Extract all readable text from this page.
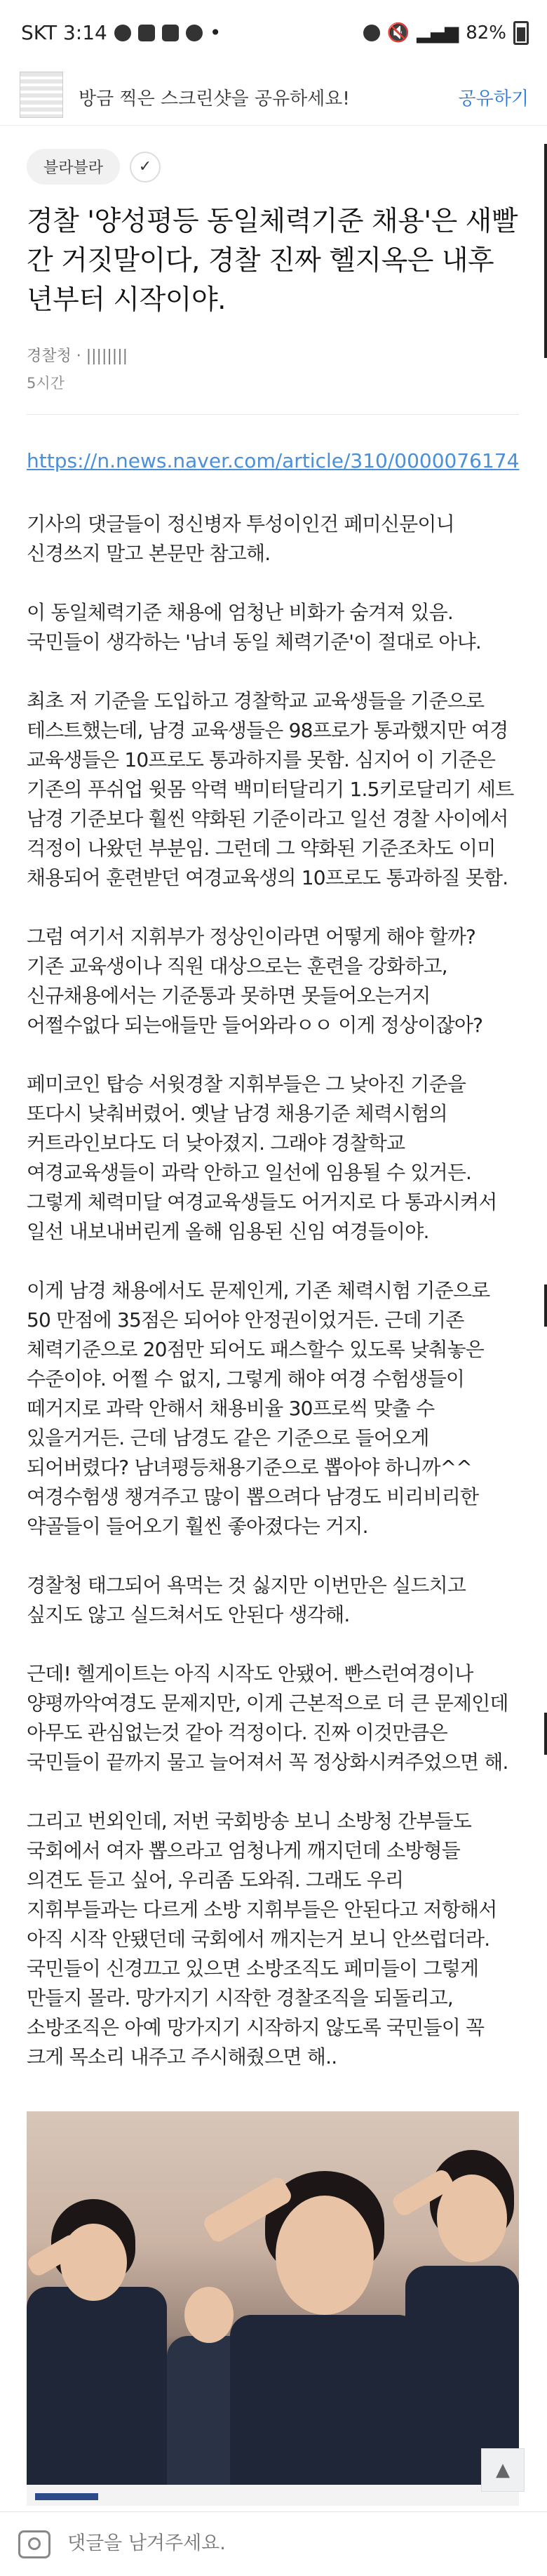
SKT 3:14	•	🔇 ▂▄▆ 82%
방금 찍은 스크린샷을 공유하세요!	공유하기
블라블라	✓
경찰 '양성평등 동일체력기준 채용'은 새빨간 거짓말이다, 경찰 진짜 헬지옥은 내후년부터 시작이야.
경찰청 · ||||||||
5시간
https://n.news.naver.com/article/310/0000076174

기사의 댓글들이 정신병자 투성이인건 페미신문이니
신경쓰지 말고 본문만 참고해.

이 동일체력기준 채용에 엄청난 비화가 숨겨져 있음.
국민들이 생각하는 '남녀 동일 체력기준'이 절대로 아냐.

최초 저 기준을 도입하고 경찰학교 교육생들을 기준으로
테스트했는데, 남경 교육생들은 98프로가 통과했지만 여경
교육생들은 10프로도 통과하지를 못함. 심지어 이 기준은
기존의 푸쉬업 윗몸 악력 백미터달리기 1.5키로달리기 세트
남경 기준보다 훨씬 약화된 기준이라고 일선 경찰 사이에서
걱정이 나왔던 부분임. 그런데 그 약화된 기준조차도 이미
채용되어 훈련받던 여경교육생의 10프로도 통과하질 못함.

그럼 여기서 지휘부가 정상인이라면 어떻게 해야 할까?
기존 교육생이나 직원 대상으로는 훈련을 강화하고,
신규채용에서는 기준통과 못하면 못들어오는거지
어쩔수없다 되는애들만 들어와라ㅇㅇ 이게 정상이잖아?

페미코인 탑승 서윗경찰 지휘부들은 그 낮아진 기준을
또다시 낮춰버렸어. 옛날 남경 채용기준 체력시험의
커트라인보다도 더 낮아졌지. 그래야 경찰학교
여경교육생들이 과락 안하고 일선에 임용될 수 있거든.
그렇게 체력미달 여경교육생들도 어거지로 다 통과시켜서
일선 내보내버린게 올해 임용된 신임 여경들이야.

이게 남경 채용에서도 문제인게, 기존 체력시험 기준으로
50 만점에 35점은 되어야 안정권이었거든. 근데 기존
체력기준으로 20점만 되어도 패스할수 있도록 낮춰놓은
수준이야. 어쩔 수 없지, 그렇게 해야 여경 수험생들이
떼거지로 과락 안해서 채용비율 30프로씩 맞출 수
있을거거든. 근데 남경도 같은 기준으로 들어오게
되어버렸다? 남녀평등채용기준으로 뽑아야 하니까^^
여경수험생 챙겨주고 많이 뽑으려다 남경도 비리비리한
약골들이 들어오기 훨씬 좋아졌다는 거지.

경찰청 태그되어 욕먹는 것 싫지만 이번만은 실드치고
싶지도 않고 실드쳐서도 안된다 생각해.

근데! 헬게이트는 아직 시작도 안됐어. 빤스런여경이나
양평까악여경도 문제지만, 이게 근본적으로 더 큰 문제인데
아무도 관심없는것 같아 걱정이다. 진짜 이것만큼은
국민들이 끝까지 물고 늘어져서 꼭 정상화시켜주었으면 해.

그리고 번외인데, 저번 국회방송 보니 소방청 간부들도
국회에서 여자 뽑으라고 엄청나게 깨지던데 소방형들
의견도 듣고 싶어, 우리좀 도와줘. 그래도 우리
지휘부들과는 다르게 소방 지휘부들은 안된다고 저항해서
아직 시작 안됐던데 국회에서 깨지는거 보니 안쓰럽더라.
국민들이 신경끄고 있으면 소방조직도 페미들이 그렇게
만들지 몰라. 망가지기 시작한 경찰조직을 되돌리고,
소방조직은 아예 망가지기 시작하지 않도록 국민들이 꼭
크게 목소리 내주고 주시해줬으면 해..

▲
댓글을 남겨주세요.
